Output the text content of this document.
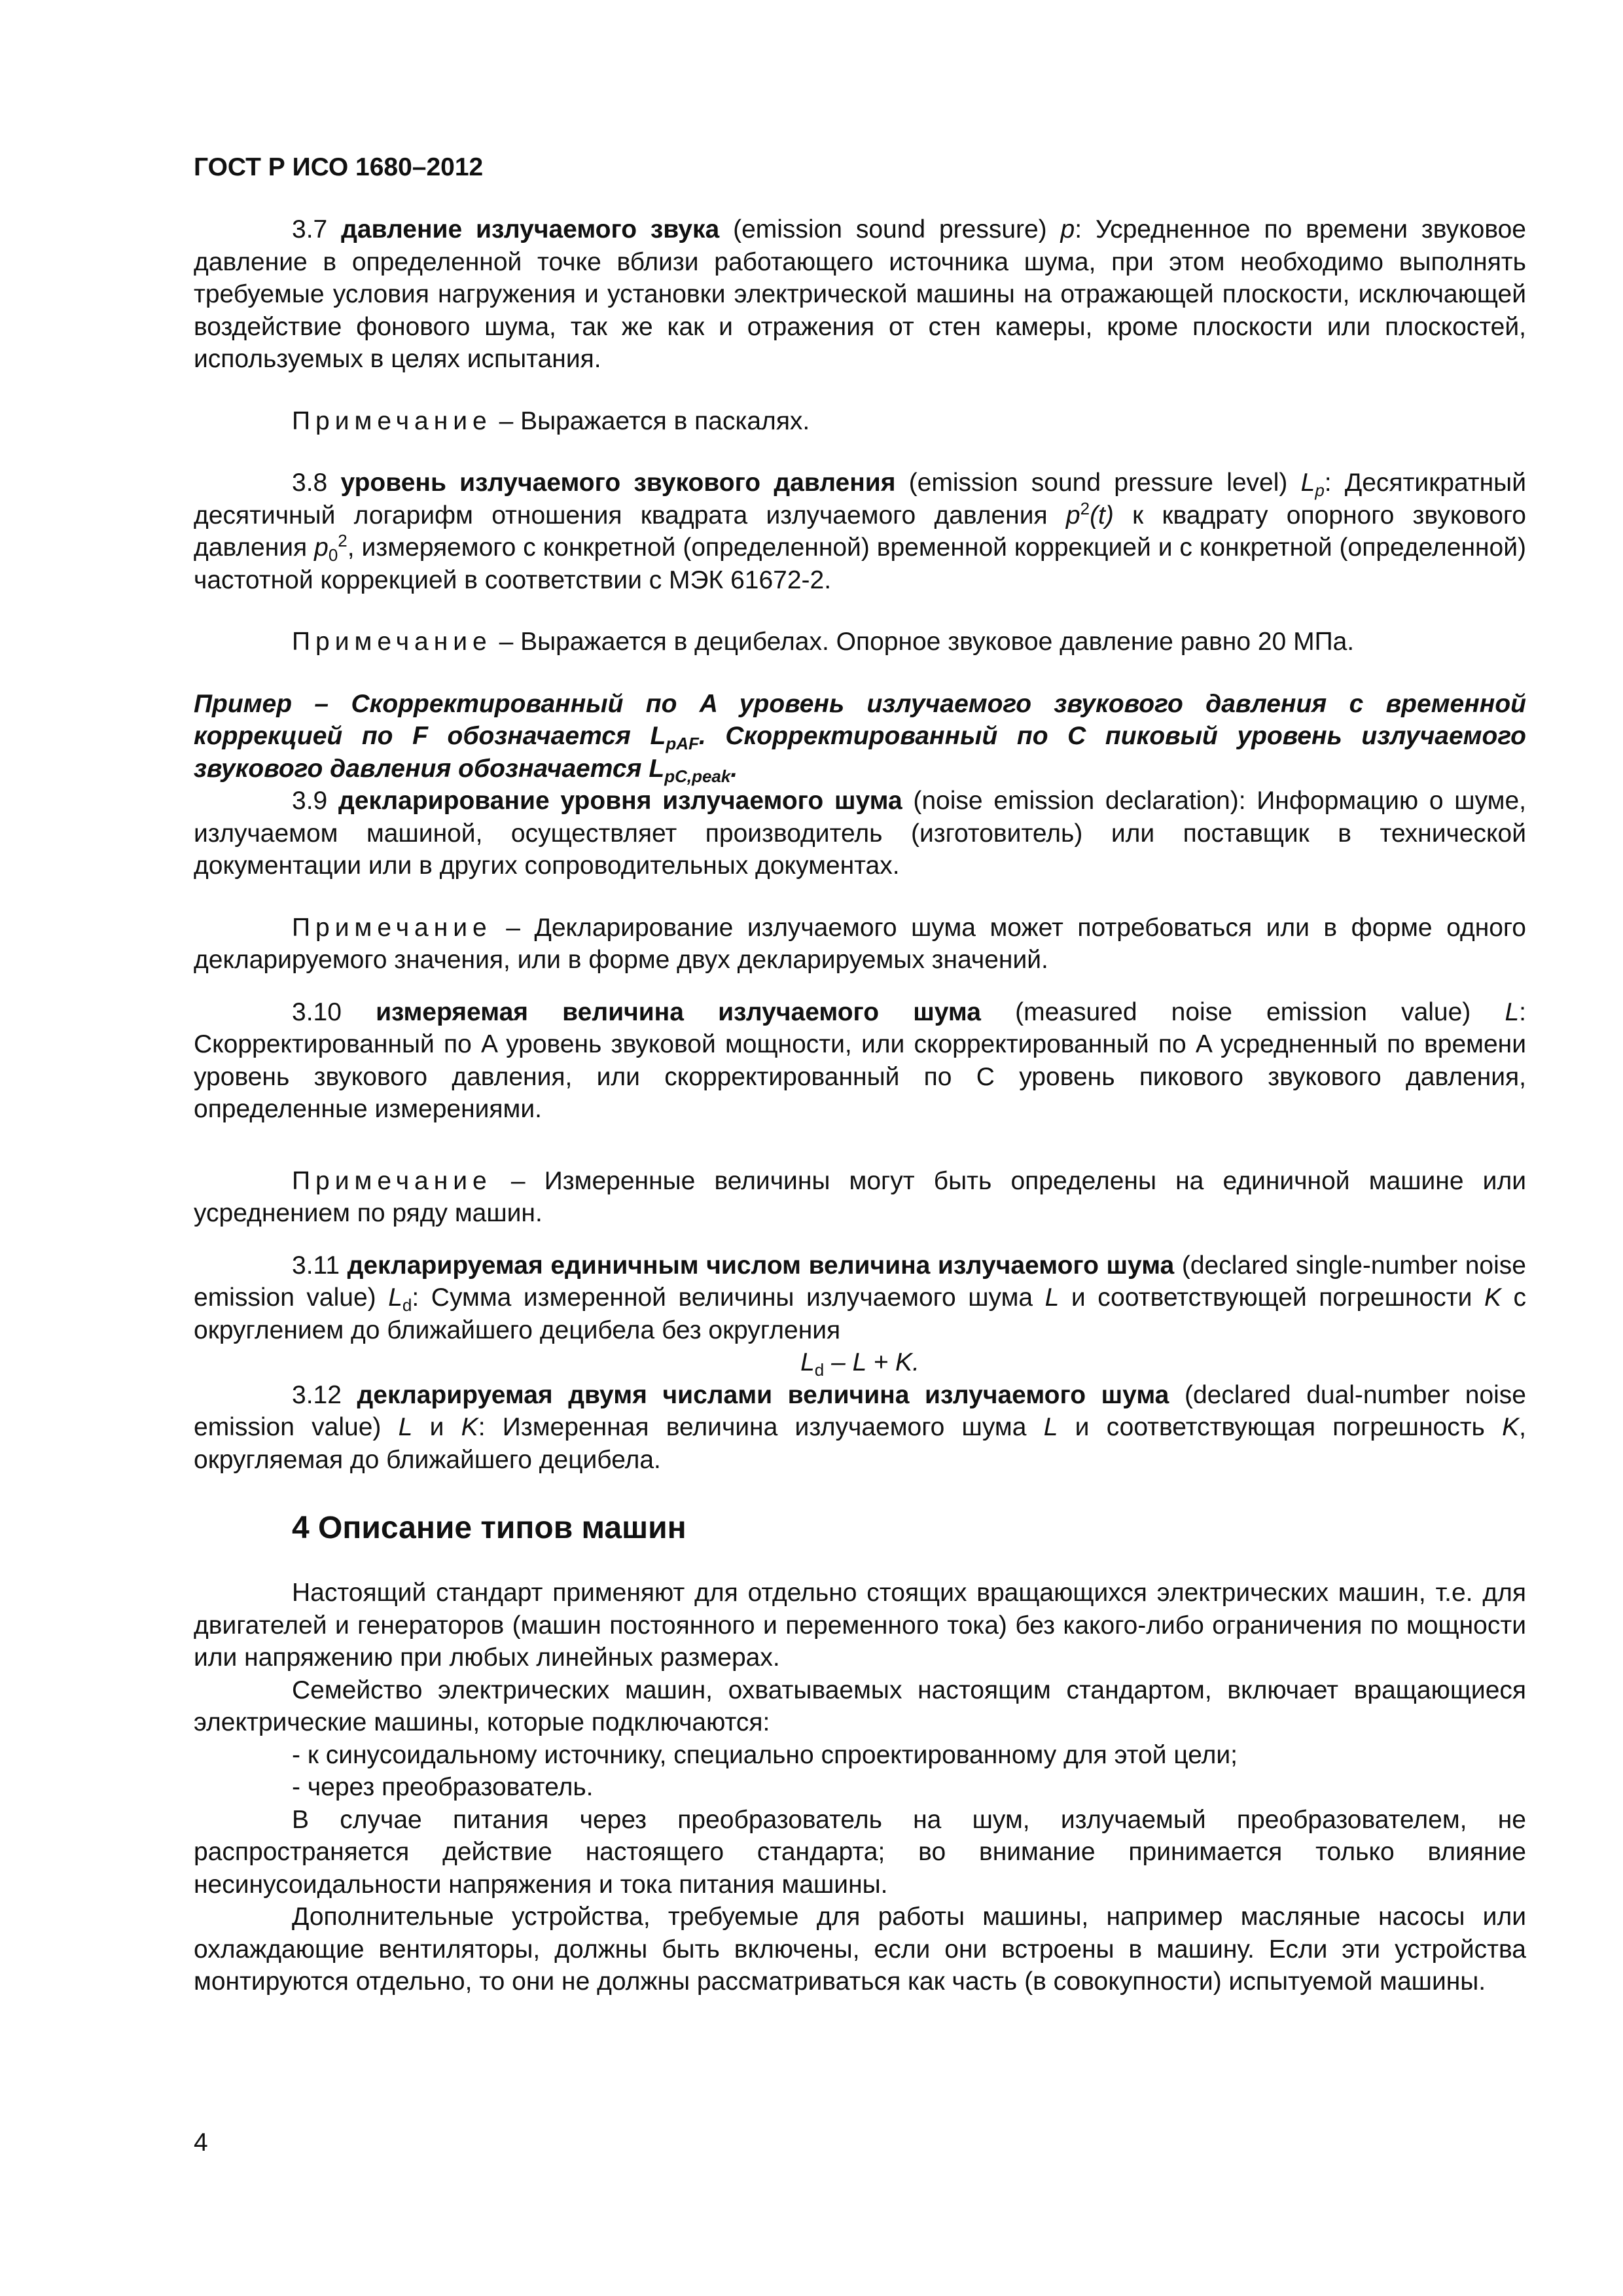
ГОСТ Р ИСО 1680–2012

3.7 давление излучаемого звука (emission sound pressure) p: Усредненное по времени звуковое давление в определенной точке вблизи работающего источника шума, при этом необходимо выполнять требуемые условия нагружения и установки электрической машины на отражающей плоскости, исключающей воздействие фонового шума, так же как и отражения от стен камеры, кроме плоскости или плоскостей, используемых в целях испытания.

Примечание – Выражается в паскалях.

3.8 уровень излучаемого звукового давления (emission sound pressure level) $L_p$: Десятикратный десятичный логарифм отношения квадрата излучаемого давления $p^2(t)$ к квадрату опорного звукового давления $p_0^2$, измеряемого с конкретной (определенной) временной коррекцией и с конкретной (определенной) частотной коррекцией в соответствии с МЭК 61672-2.

Примечание – Выражается в децибелах. Опорное звуковое давление равно 20 МПа.

Пример – Скорректированный по A уровень излучаемого звукового давления с временной коррекцией по F обозначается $L_{pAF}$. Скорректированный по C пиковый уровень излучаемого звукового давления обозначается $L_{pC,peak}$.

3.9 декларирование уровня излучаемого шума (noise emission declaration): Информацию о шуме, излучаемом машиной, осуществляет производитель (изготовитель) или поставщик в технической документации или в других сопроводительных документах.

Примечание – Декларирование излучаемого шума может потребоваться или в форме одного декларируемого значения, или в форме двух декларируемых значений.

3.10 измеряемая величина излучаемого шума (measured noise emission value) L: Скорректированный по A уровень звуковой мощности, или скорректированный по A усредненный по времени уровень звукового давления, или скорректированный по C уровень пикового звукового давления, определенные измерениями.

Примечание – Измеренные величины могут быть определены на единичной машине или усреднением по ряду машин.

3.11 декларируемая единичным числом величина излучаемого шума (declared single-number noise emission value) $L_d$: Сумма измеренной величины излучаемого шума L и соответствующей погрешности K с округлением до ближайшего децибела без округления

$L_d - L + K$.

3.12 декларируемая двумя числами величина излучаемого шума (declared dual-number noise emission value) L и K: Измеренная величина излучаемого шума L и соответствующая погрешность K, округляемая до ближайшего децибела.

4 Описание типов машин

Настоящий стандарт применяют для отдельно стоящих вращающихся электрических машин, т.е. для двигателей и генераторов (машин постоянного и переменного тока) без какого-либо ограничения по мощности или напряжению при любых линейных размерах.

Семейство электрических машин, охватываемых настоящим стандартом, включает вращающиеся электрические машины, которые подключаются:

- к синусоидальному источнику, специально спроектированному для этой цели;

- через преобразователь.

В случае питания через преобразователь на шум, излучаемый преобразователем, не распространяется действие настоящего стандарта; во внимание принимается только влияние несинусоидальности напряжения и тока питания машины.

Дополнительные устройства, требуемые для работы машины, например масляные насосы или охлаждающие вентиляторы, должны быть включены, если они встроены в машину. Если эти устройства монтируются отдельно, то они не должны рассматриваться как часть (в совокупности) испытуемой машины.

4
